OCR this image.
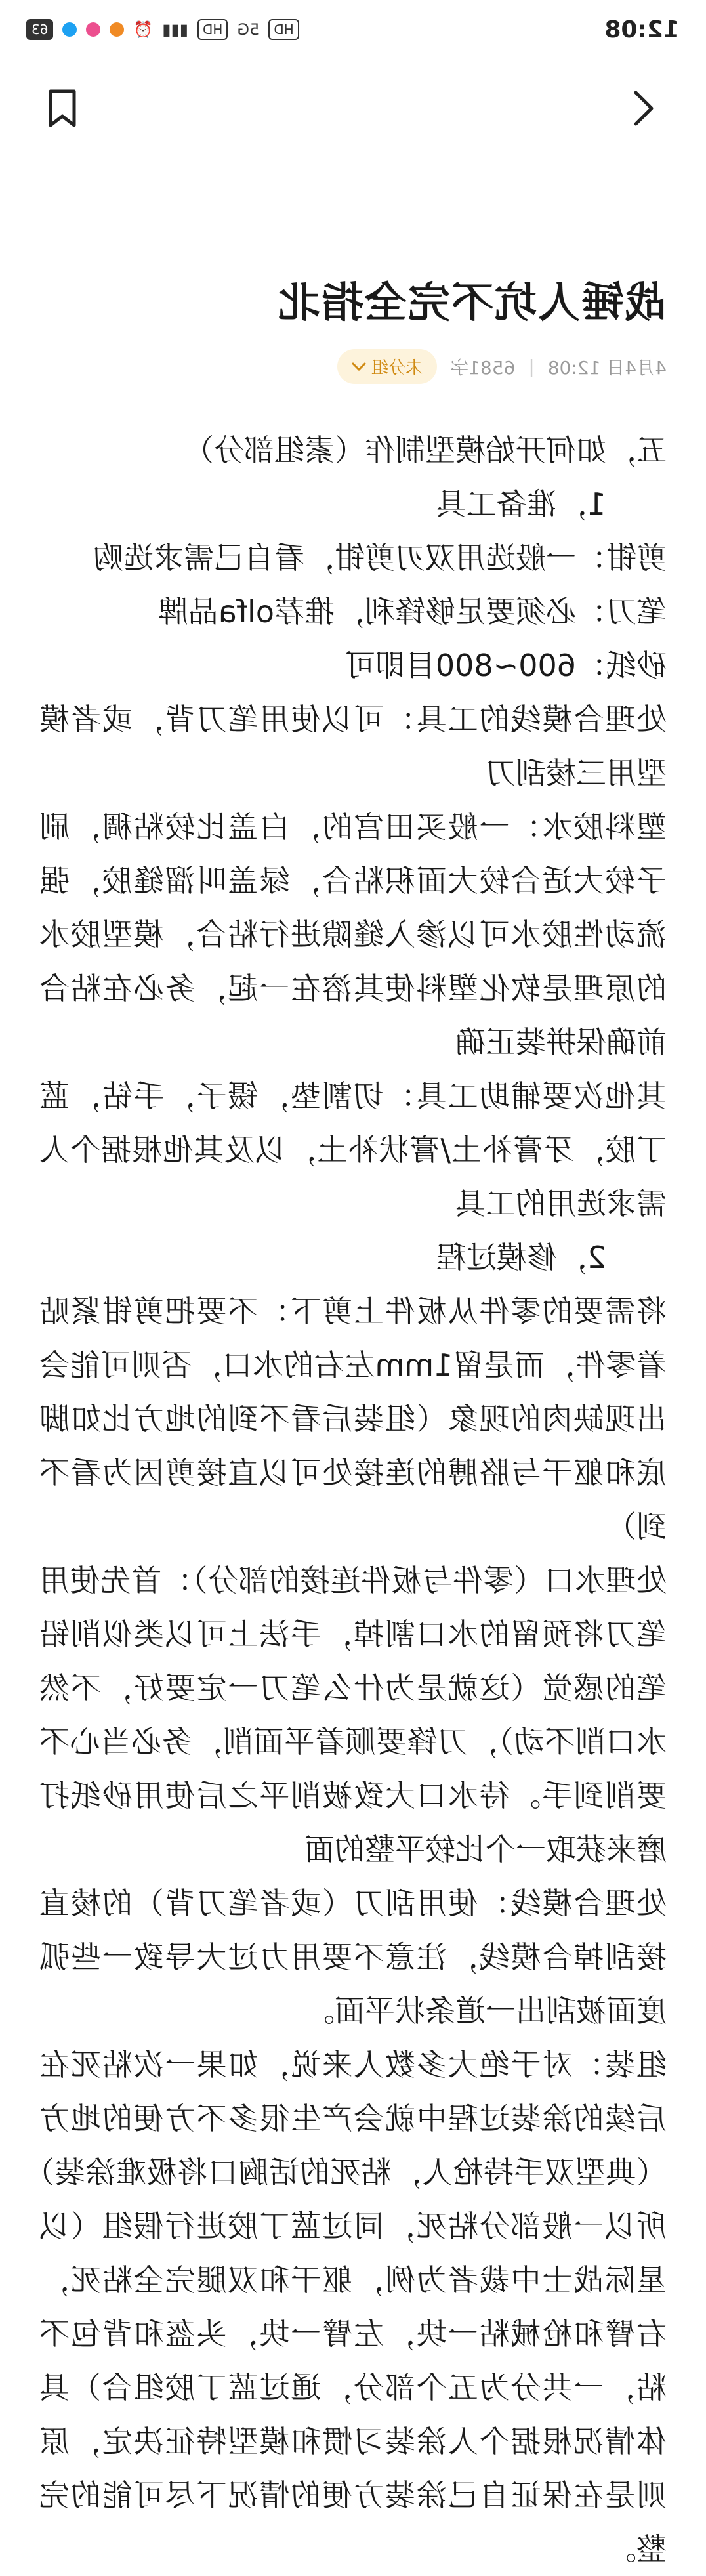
12:08
HD
5G
HD
▮▮▮
⏰
63
战锤人坑不完全指北
4月4日 12:08
|
6581字
未分组

五，如何开始模型制作（素组部分）

1，准备工具

剪钳：一般选用双刃剪钳，看自己需求选购

笔刀：必须要足够锋利，推荐olfa品牌

砂纸：600~800目即可

处理合模线的工具：可以使用笔刀背，或者模型用三棱刮刀

塑料胶水：一般买田宫的，白盖比较粘稠，刷子较大适合较大面积粘合，绿盖叫溜缝胶，强流动性胶水可以渗入缝隙进行粘合，模型胶水的原理是软化塑料使其溶在一起，务必在粘合前确保拼装正确

其他次要辅助工具：切割垫，镊子，手钻，蓝丁胶，牙膏补土/膏状补土，以及其他根据个人需求选用的工具

2，修模过程

将需要的零件从板件上剪下：不要把剪钳紧贴着零件，而是留1mm左右的水口，否则可能会出现缺肉的现象（组装后看不到的地方比如脚底和躯干与胳膊的连接处可以直接剪因为看不到）

处理水口（零件与板件连接的部分）：首先使用笔刀将预留的水口割掉，手法上可以类似削铅笔的感觉（这就是为什么笔刀一定要好，不然水口削不动），刀锋要顺着平面削，务必当心不要削到手。待水口大致被削平之后使用砂纸打磨来获取一个比较平整的面

处理合模线：使用刮刀（或者笔刀背）的棱直接刮掉合模线，注意不要用力过大导致一些弧度面被刮出一道条状平面。

组装：对于绝大多数人来说，如果一次粘死在后续的涂装过程中就会产生很多不方便的地方（典型双手持枪人，粘死的话胸口将极难涂装）所以一般部分粘死，同过蓝丁胶进行假组（以星际战士中裁者为例，躯干和双腿完全粘死，右臂和枪械粘一块，左臂一块，头盔和背包不粘，一共分为五个部分，通过蓝丁胶组合）具体情况根据个人涂装习惯和模型特征决定，原则是在保证自己涂装方便的情况下尽可能的完整。
